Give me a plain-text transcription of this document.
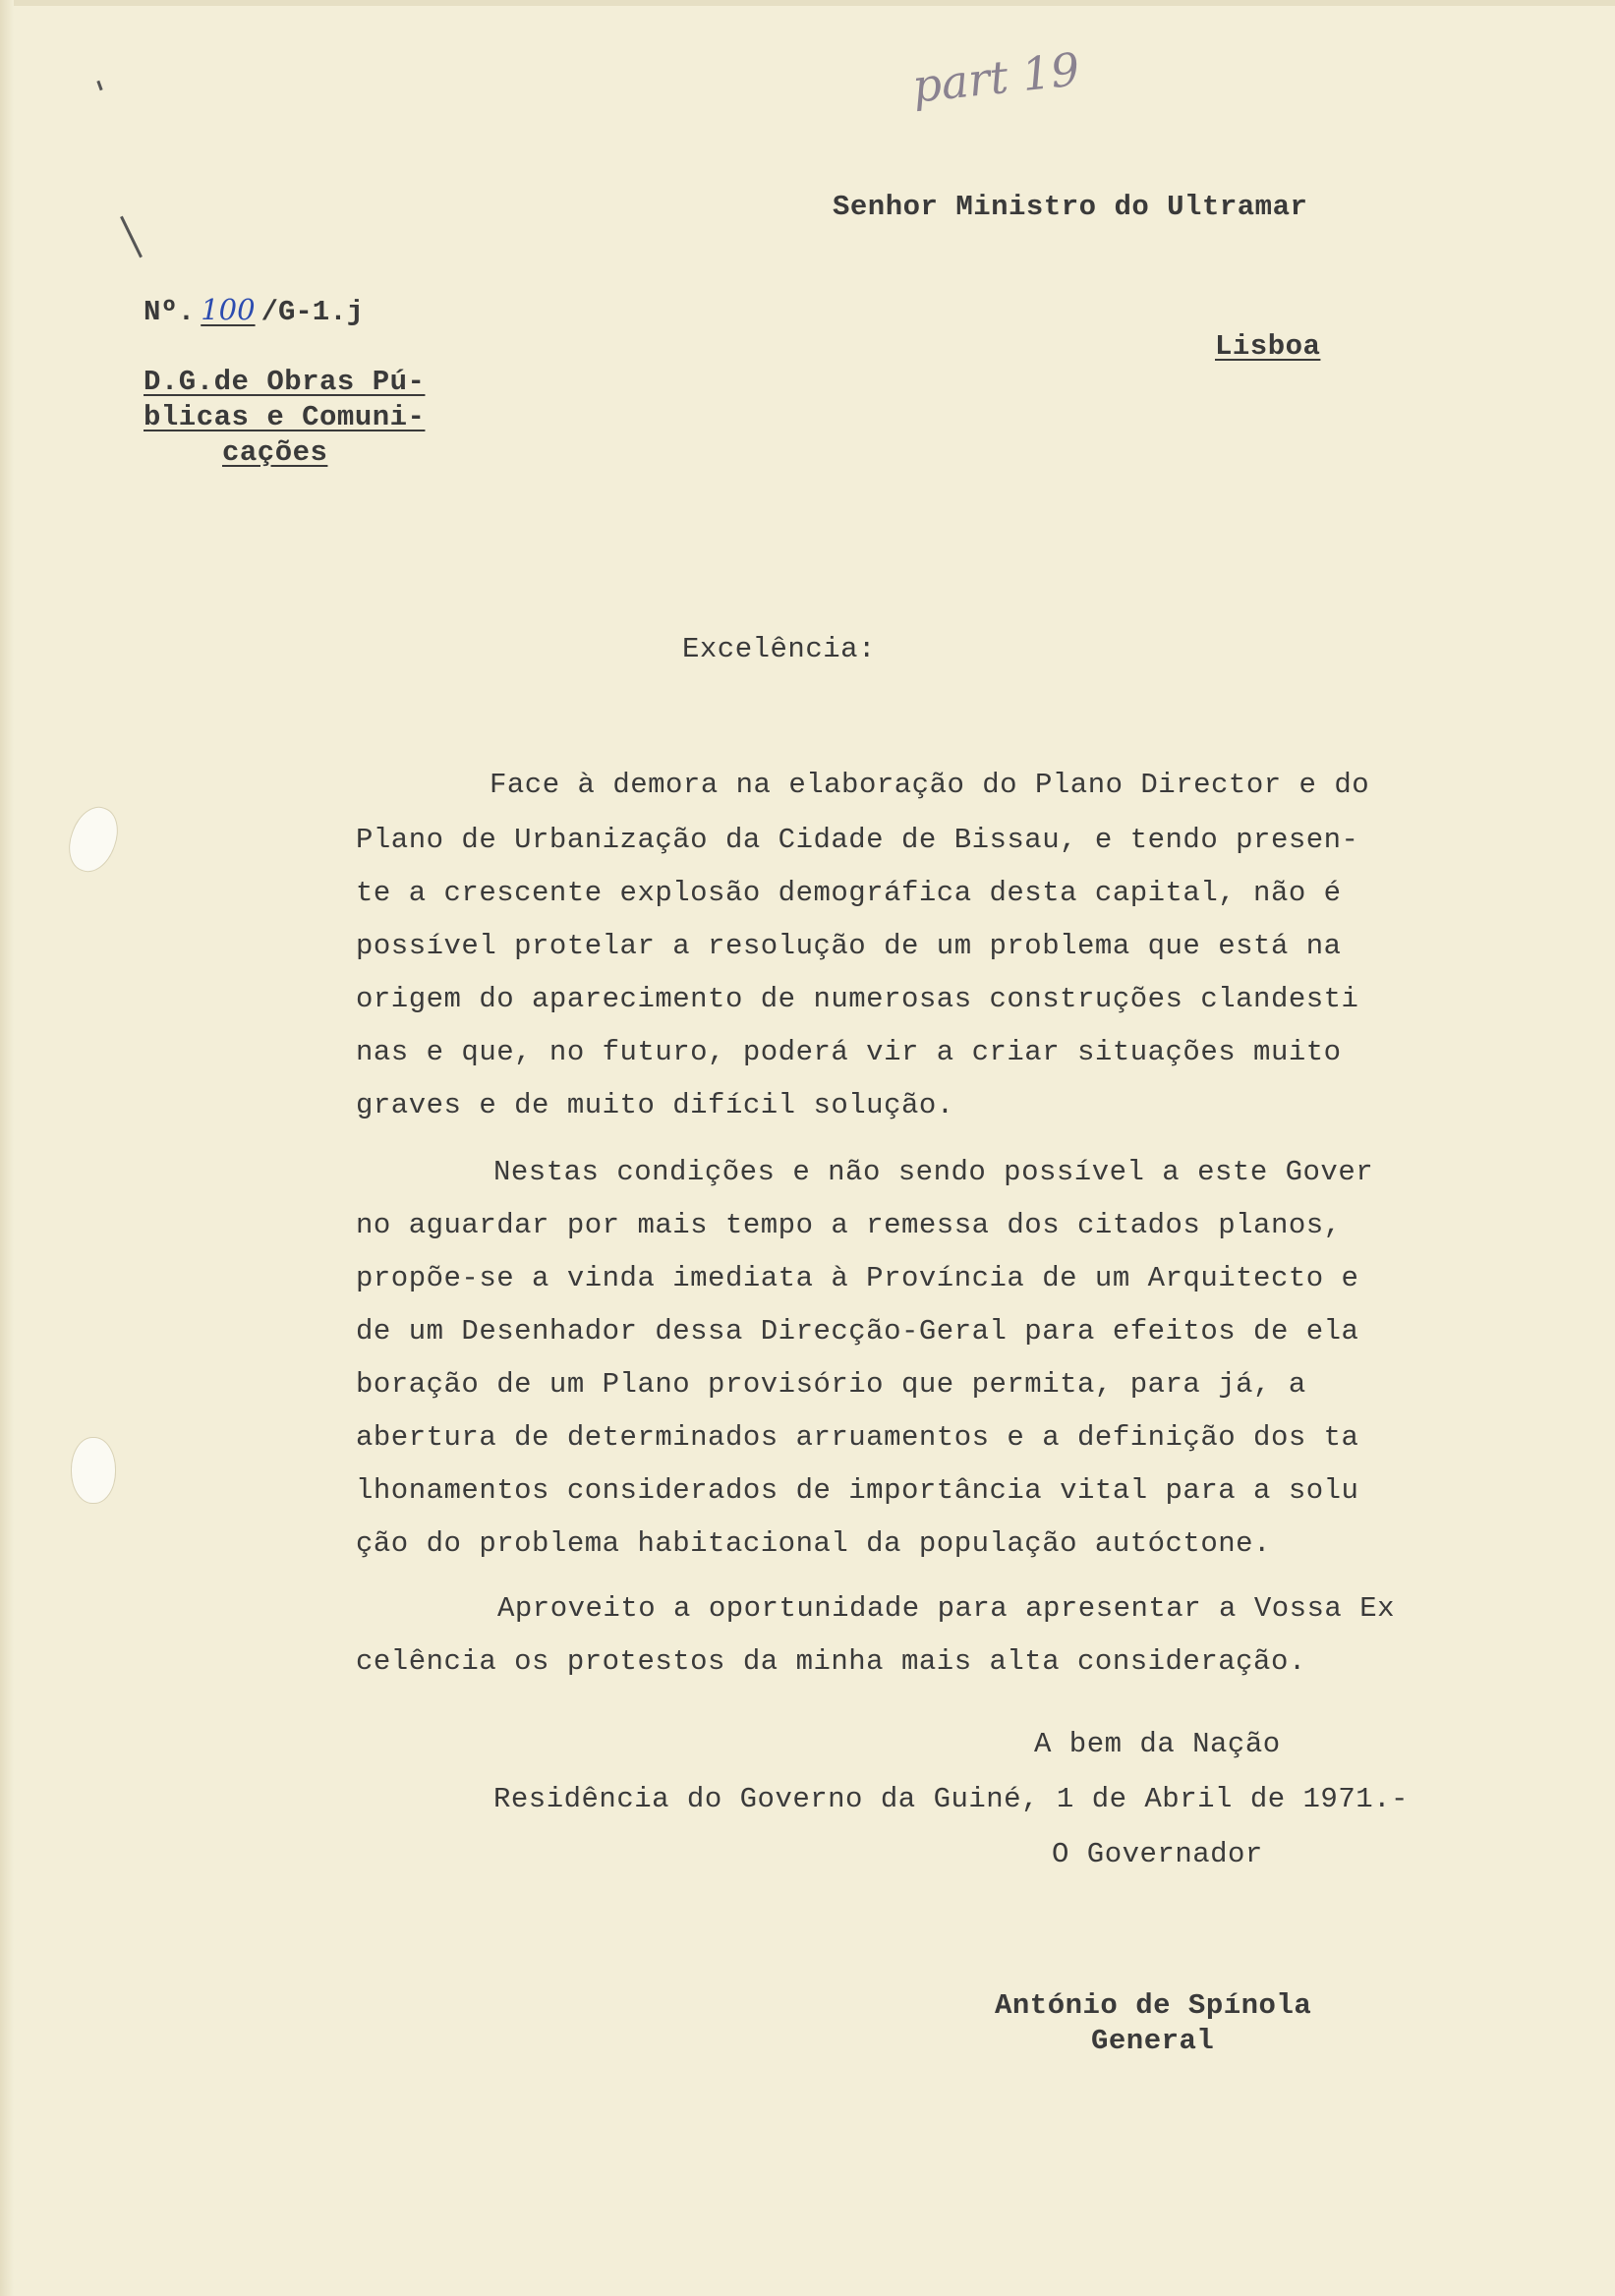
part 19
Senhor Ministro do Ultramar
Lisboa
Nº. 100 /G-1.j
D.G.de Obras Pú-
blicas e Comuni-
cações
Excelência:
Face à demora na elaboração do Plano Director e do
Plano de Urbanização da Cidade de Bissau, e tendo presen-
te a crescente explosão demográfica desta capital, não é
possível protelar a resolução de um problema que está na
origem do aparecimento de numerosas construções clandesti
nas e que, no futuro, poderá vir a criar situações muito
graves e de muito difícil solução.
Nestas condições e não sendo possível a este Gover
no aguardar por mais tempo a remessa dos citados planos,
propõe-se a vinda imediata à Província de um Arquitecto e
de um Desenhador dessa Direcção-Geral para efeitos de ela
boração de um Plano provisório que permita, para já, a
abertura de determinados arruamentos e a definição dos ta
lhonamentos considerados de importância vital para a solu
ção do problema habitacional da população autóctone.
Aproveito a oportunidade para apresentar a Vossa Ex
celência os protestos da minha mais alta consideração.
A bem da Nação
Residência do Governo da Guiné, 1 de Abril de 1971.-
O Governador
António de Spínola
General
